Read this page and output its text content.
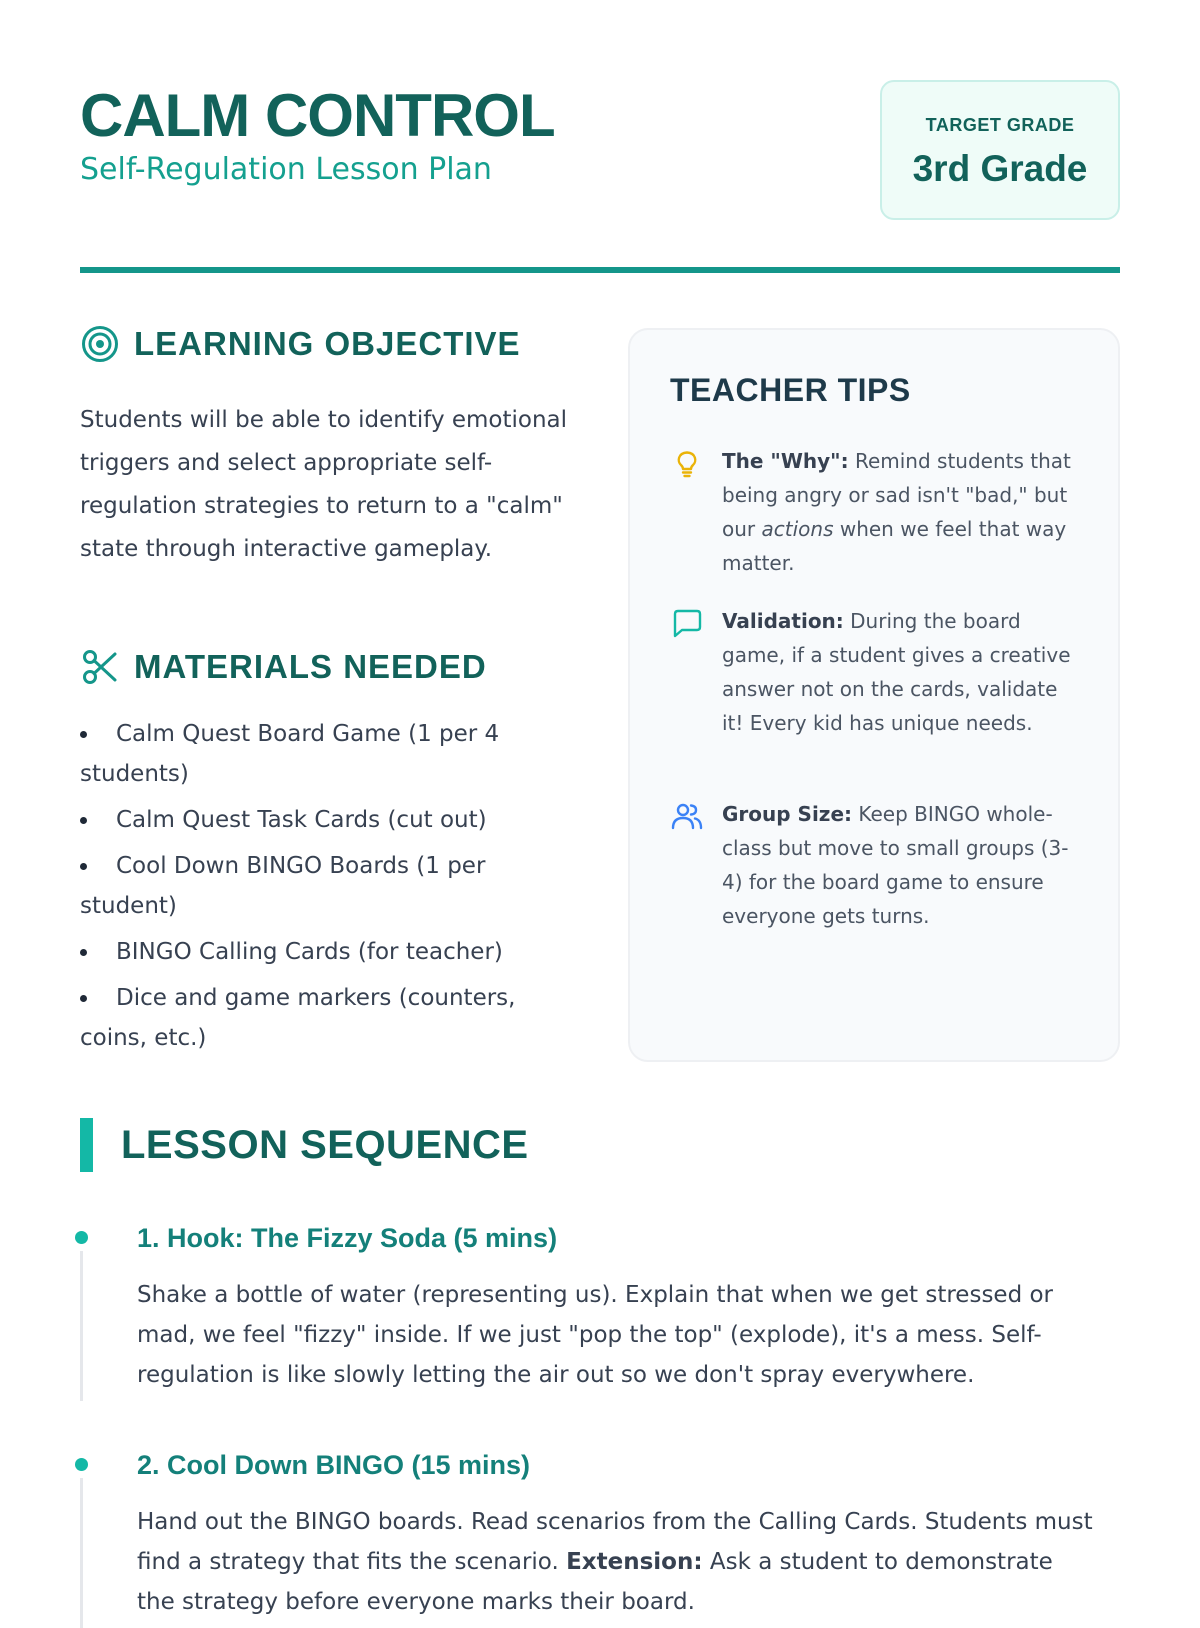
CALM CONTROL
Self-Regulation Lesson Plan
TARGET GRADE
3rd Grade
LEARNING OBJECTIVE

Students will be able to identify emotional triggers and select appropriate self-regulation strategies to return to a "calm" state through interactive gameplay.

MATERIALS NEEDED
Calm Quest Board Game (1 per 4 students)
Calm Quest Task Cards (cut out)
Cool Down BINGO Boards (1 per student)
BINGO Calling Cards (for teacher)
Dice and game markers (counters, coins, etc.)
TEACHER TIPS
The "Why": Remind students that being angry or sad isn't "bad," but our actions when we feel that way matter.
Validation: During the board game, if a student gives a creative answer not on the cards, validate it! Every kid has unique needs.
Group Size: Keep BINGO whole-class but move to small groups (3-4) for the board game to ensure everyone gets turns.
LESSON SEQUENCE
1. Hook: The Fizzy Soda (5 mins)

Shake a bottle of water (representing us). Explain that when we get stressed or mad, we feel "fizzy" inside. If we just "pop the top" (explode), it's a mess. Self-regulation is like slowly letting the air out so we don't spray everywhere.

2. Cool Down BINGO (15 mins)

Hand out the BINGO boards. Read scenarios from the Calling Cards. Students must find a strategy that fits the scenario. Extension: Ask a student to demonstrate the strategy before everyone marks their board.
